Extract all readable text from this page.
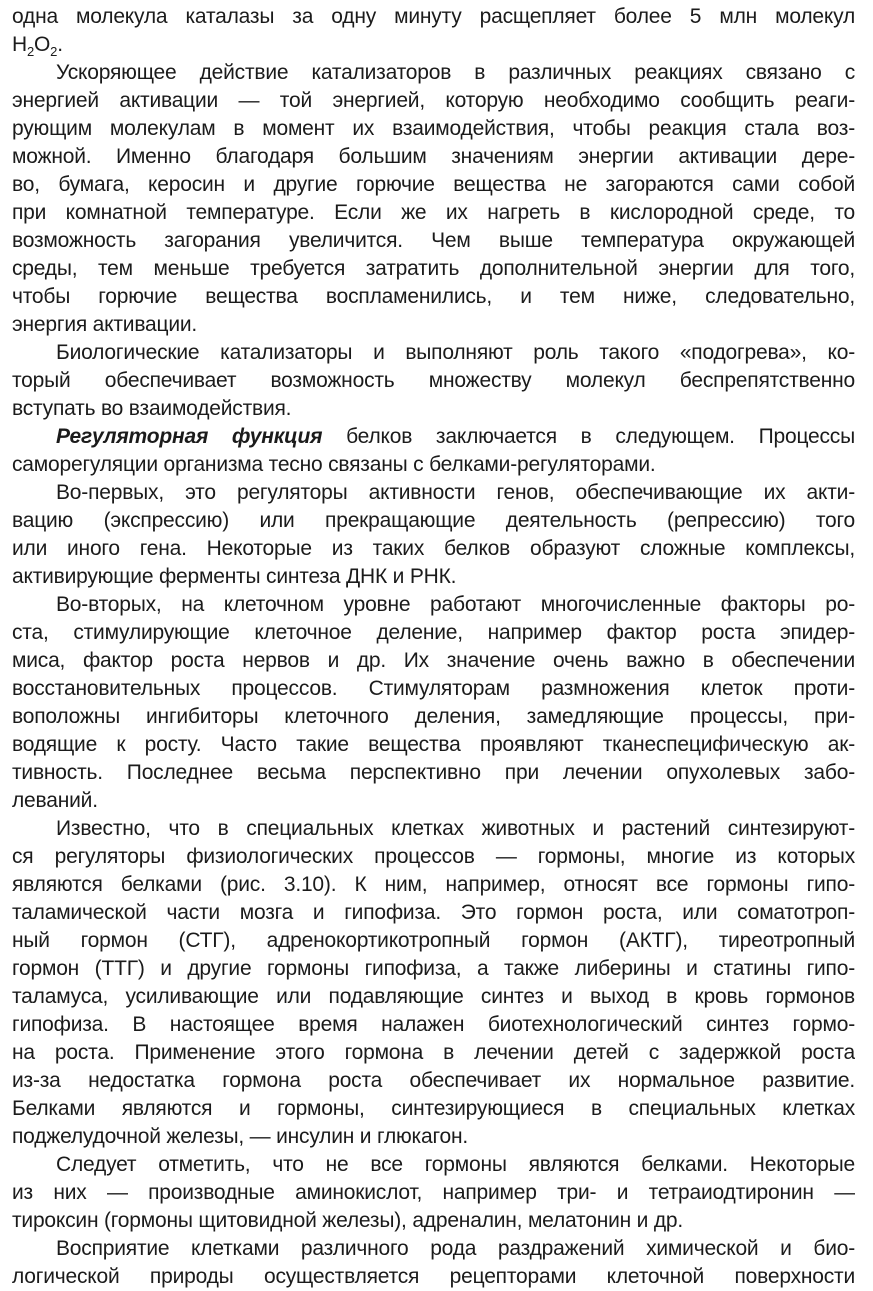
одна молекула каталазы за одну минуту расщепляет более 5 млн молекул
$H_2O_2$.
Ускоряющее действие катализаторов в различных реакциях связано с
энергией активации — той энергией, которую необходимо сообщить реаги-
рующим молекулам в момент их взаимодействия, чтобы реакция стала воз-
можной. Именно благодаря большим значениям энергии активации дере-
во, бумага, керосин и другие горючие вещества не загораются сами собой
при комнатной температуре. Если же их нагреть в кислородной среде, то
возможность загорания увеличится. Чем выше температура окружающей
среды, тем меньше требуется затратить дополнительной энергии для того,
чтобы горючие вещества воспламенились, и тем ниже, следовательно,
энергия активации.
Биологические катализаторы и выполняют роль такого «подогрева», ко-
торый обеспечивает возможность множеству молекул беспрепятственно
вступать во взаимодействия.
Регуляторная функция белков заключается в следующем. Процессы
саморегуляции организма тесно связаны с белками-регуляторами.
Во-первых, это регуляторы активности генов, обеспечивающие их акти-
вацию (экспрессию) или прекращающие деятельность (репрессию) того
или иного гена. Некоторые из таких белков образуют сложные комплексы,
активирующие ферменты синтеза ДНК и РНК.
Во-вторых, на клеточном уровне работают многочисленные факторы ро-
ста, стимулирующие клеточное деление, например фактор роста эпидер-
миса, фактор роста нервов и др. Их значение очень важно в обеспечении
восстановительных процессов. Стимуляторам размножения клеток проти-
воположны ингибиторы клеточного деления, замедляющие процессы, при-
водящие к росту. Часто такие вещества проявляют тканеспецифическую ак-
тивность. Последнее весьма перспективно при лечении опухолевых забо-
леваний.
Известно, что в специальных клетках животных и растений синтезируют-
ся регуляторы физиологических процессов — гормоны, многие из которых
являются белками (рис. 3.10). К ним, например, относят все гормоны гипо-
таламической части мозга и гипофиза. Это гормон роста, или соматотроп-
ный гормон (СТГ), адренокортикотропный гормон (АКТГ), тиреотропный
гормон (ТТГ) и другие гормоны гипофиза, а также либерины и статины гипо-
таламуса, усиливающие или подавляющие синтез и выход в кровь гормонов
гипофиза. В настоящее время налажен биотехнологический синтез гормо-
на роста. Применение этого гормона в лечении детей с задержкой роста
из-за недостатка гормона роста обеспечивает их нормальное развитие.
Белками являются и гормоны, синтезирующиеся в специальных клетках
поджелудочной железы, — инсулин и глюкагон.
Следует отметить, что не все гормоны являются белками. Некоторые
из них — производные аминокислот, например три- и тетраиодтиронин —
тироксин (гормоны щитовидной железы), адреналин, мелатонин и др.
Восприятие клетками различного рода раздражений химической и био-
логической природы осуществляется рецепторами клеточной поверхности
